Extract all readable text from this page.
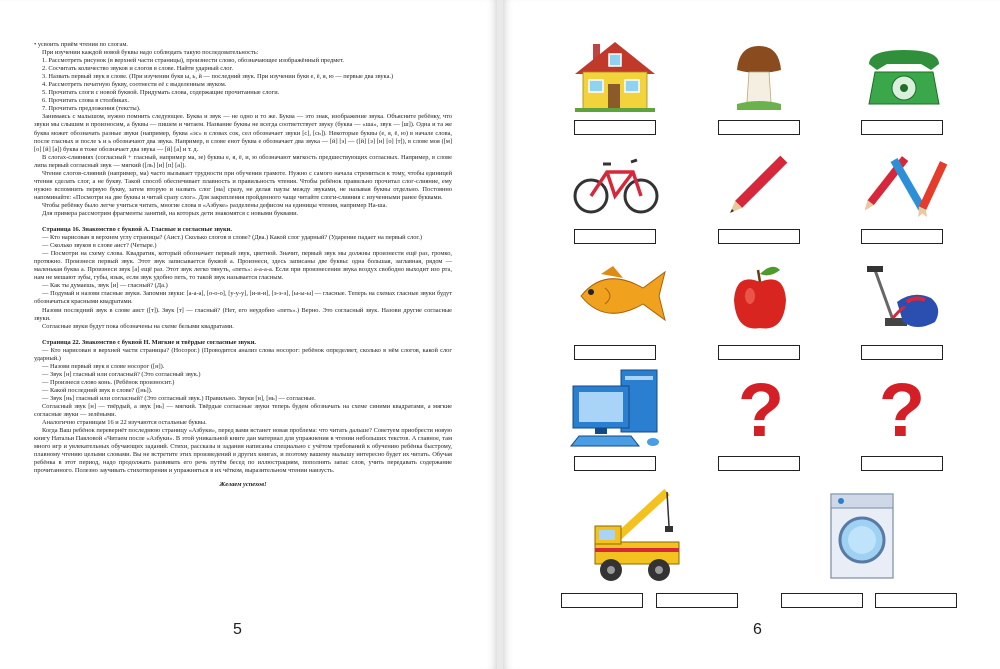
• усвоить приём чтения по слогам.

При изучении каждой новой буквы надо соблюдать такую последовательность:

1. Рассмотреть рисунок (в верхней части страницы), произнести слово, обозначающее изображённый предмет.

2. Сосчитать количество звуков и слогов в слове. Найти ударный слог.

3. Назвать первый звук в слове. (При изучении букв ы, ь, й — последний звук. При изучении букв е, ё, я, ю — первые два звука.)

4. Рассмотреть печатную букву, соотнести её с выделенным звуком.

5. Прочитать слоги с новой буквой. Придумать слова, содержащие прочитанные слоги.

6. Прочитать слова в столбиках.

7. Прочитать предложения (тексты).

Занимаясь с малышом, нужно помнить следующее. Буква и звук — не одно и то же. Буква — это знак, изображение звука. Объясните ребёнку, что звуки мы слышим и произносим, а буквы — пишем и читаем. Название буквы не всегда соответствует звуку (буква — «ша», звук — [ш]). Одна и та же буква может обозначать разные звуки (например, буква «эс» в словах сок, сел обозначает звуки [с], [сь]). Некоторые буквы (е, я, ё, ю) в начале слова, после гласных и после ъ и ь обозначают два звука. Например, в слове енот буква е обозначает два звука — [й] [э] — ([й] [э] [н] [о] [т]), в слове моя ([м] [о] [й] [а]) буква я тоже обозначает два звука — [й] [а] и т. д.

В слогах-слияниях (согласный + гласный, например ма, зе) буквы е, я, ё, и, ю обозначают мягкость предшествующих согласных. Например, в слове липа первый согласный звук — мягкий ([ль] [и] [п] [а]).

Чтение слогов-слияний (например, ма) часто вызывает трудности при обучении грамоте. Нужно с самого начала стремиться к тому, чтобы единицей чтения сделать слог, а не букву. Такой способ обеспечивает плавность и правильность чтения. Чтобы ребёнок правильно прочитал слог-слияние, ему нужно вспомнить первую букву, затем вторую и назвать слог [ма] сразу, не делая паузы между звуками, не называя буквы отдельно. Постоянно напоминайте: «Посмотри на две буквы и читай сразу слог». Для закрепления пройденного чаще читайте слоги-слияния с изученными ранее буквами.

Чтобы ребёнку было легче учиться читать, многие слова в «Азбуке» разделены дефисом на единицы чтения, например На-ша.

Для примера рассмотрим фрагменты занятий, на которых дети знакомятся с новыми буквами.

Страница 16. Знакомство с буквой А. Гласные и согласные звуки.

— Кто нарисован в верхнем углу страницы? (Аист.) Сколько слогов в слове? (Два.) Какой слог ударный? (Ударение падает на первый слог.)

— Сколько звуков в слове аист? (Четыре.)

— Посмотри на схему слова. Квадратик, который обозначает первый звук, цветной. Значит, первый звук мы должны произнести ещё раз, громко, протяжно. Произнеси первый звук. Этот звук записывается буквой а. Произнеси, здесь записаны две буквы: одна большая, заглавная, рядом — маленькая буква а. Произнеси звук [а] ещё раз. Этот звук легко тянуть, «петь»: а-а-а-а. Если при произнесении звука воздух свободно выходит изо рта, нам не мешают зубы, губы, язык, если звук удобно петь, то такой звук называется гласным.

— Как ты думаешь, звук [и] — гласный? (Да.)

— Подумай и назови гласные звуки. Запомни звуки: [а-а-а], [о-о-о], [у-у-у], [и-и-и], [э-э-э], [ы-ы-ы] — гласные. Теперь на схемах гласные звуки будут обозначаться красными квадратами.

Назови последний звук в слове аист ([т]). Звук [т] — гласный? (Нет, его неудобно «петь».) Верно. Это согласный звук. Назови другие согласные звуки.

Согласные звуки будут пока обозначены на схеме белыми квадратами.

Страница 22. Знакомство с буквой Н. Мягкие и твёрдые согласные звуки.

— Кто нарисован в верхней части страницы? (Носорог.) (Проводится анализ слова носорог: ребёнок определяет, сколько в нём слогов, какой слог ударный.)

— Назови первый звук в слове носорог ([н]).

— Звук [н] гласный или согласный? (Это согласный звук.)

— Произнеси слово конь. (Ребёнок произносит.)

— Какой последний звук в слове? ([нь]).

— Звук [нь] гласный или согласный? (Это согласный звук.) Правильно. Звуки [н], [нь] — согласные.

Согласный звук [н] — твёрдый, а звук [нь] — мягкий. Твёрдые согласные звуки теперь будем обозначать на схеме синими квадратами, а мягкие согласные звуки — зелёными.

Аналогично страницам 16 и 22 изучаются остальные буквы.

Когда Ваш ребёнок перевернёт последнюю страницу «Азбуки», перед вами встанет новая проблема: что читать дальше? Советуем приобрести новую книгу Натальи Павловой «Читаем после «Азбуки». В этой уникальной книге дан материал для упражнения в чтении небольших текстов. А главное, там много игр и увлекательных обучающих заданий. Стихи, рассказы и задания написаны специально с учётом требований к обучению ребёнка быстрому, плавному чтению целыми словами. Вы не встретите этих произведений в других книгах, и поэтому вашему малышу интересно будет их читать. Обучая ребёнка в этот период, надо продолжать развивать его речь путём бесед по иллюстрациям, пополнять запас слов, учить передавать содержание прочитанного. Полезно заучивать стихотворения и упражняться в их чётком, выразительном чтении наизусть.

Желаем успехов!

5
? ?
6
